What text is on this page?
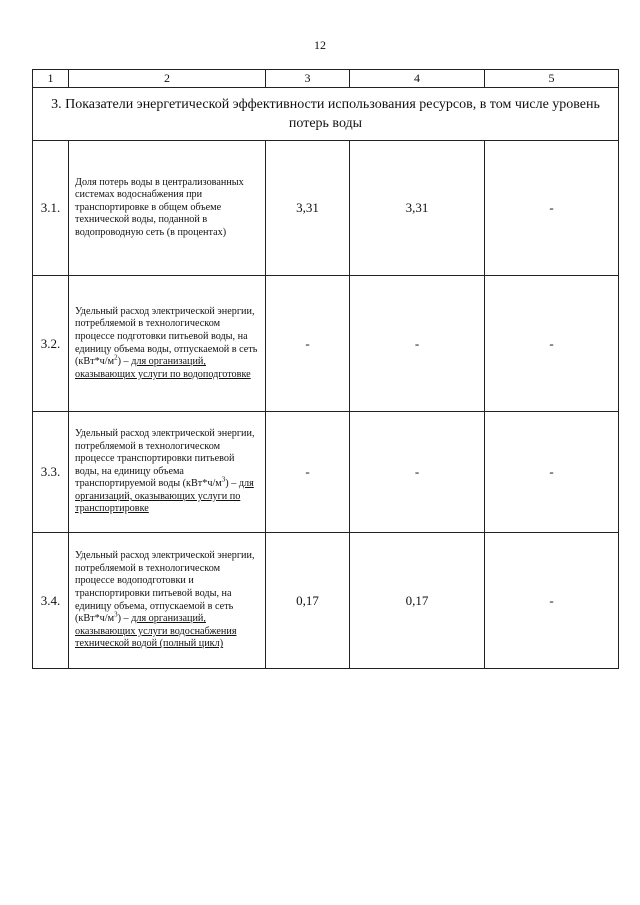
12
1	2	3	4	5
3. Показатели энергетической эффективности использования ресурсов, в том числе уровень потерь воды				
3.1.	Доля потерь воды в централизованных системах водоснабжения при транспортировке в общем объеме технической воды, поданной в водопроводную сеть (в процентах)	3,31	3,31	-
3.2.	Удельный расход электрической энергии, потребляемой в технологическом процессе подготовки питьевой воды, на единицу объема воды, отпускаемой в сеть $(кВт*ч/м^2)$ – для организаций, оказывающих услуги по водоподготовке	-	-	-
3.3.	Удельный расход электрической энергии, потребляемой в технологическом процессе транспортировки питьевой воды, на единицу объема транспортируемой воды $(кВт*ч/м^3)$ – для организаций, оказывающих услуги по транспортировке	-	-	-
3.4.	Удельный расход электрической энергии, потребляемой в технологическом процессе водоподготовки и транспортировки питьевой воды, на единицу объема, отпускаемой в сеть $(кВт*ч/м^3)$ – для организаций, оказывающих услуги водоснабжения технической водой (полный цикл)	0,17	0,17	-
